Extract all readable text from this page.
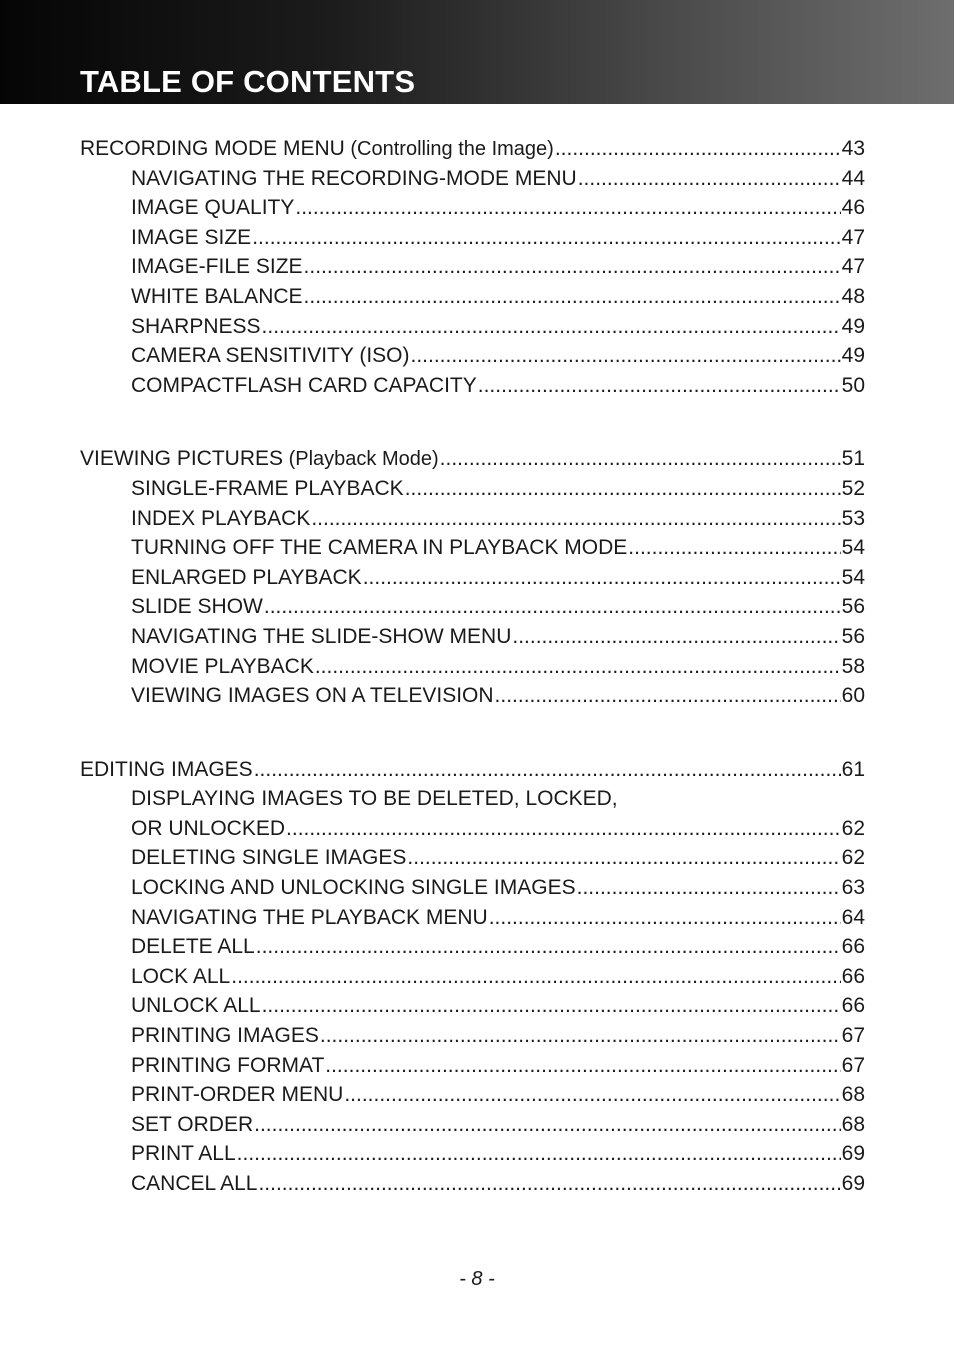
TABLE OF CONTENTS
RECORDING MODE MENU (Controlling the Image) .....	43
NAVIGATING THE RECORDING-MODE MENU .....	44
IMAGE QUALITY .....	46
IMAGE SIZE .....	47
IMAGE-FILE SIZE .....	47
WHITE BALANCE .....	48
SHARPNESS .....	49
CAMERA SENSITIVITY (ISO) .....	49
COMPACTFLASH CARD CAPACITY .....	50
VIEWING PICTURES (Playback Mode) .....	51
SINGLE-FRAME PLAYBACK .....	52
INDEX PLAYBACK .....	53
TURNING OFF THE CAMERA IN PLAYBACK MODE .....	54
ENLARGED PLAYBACK .....	54
SLIDE SHOW .....	56
NAVIGATING THE SLIDE-SHOW MENU .....	56
MOVIE PLAYBACK .....	58
VIEWING IMAGES ON A TELEVISION .....	60
EDITING IMAGES .....	61
DISPLAYING IMAGES TO BE DELETED, LOCKED,
OR UNLOCKED .....	62
DELETING SINGLE IMAGES .....	62
LOCKING AND UNLOCKING SINGLE IMAGES .....	63
NAVIGATING THE PLAYBACK MENU .....	64
DELETE ALL .....	66
LOCK ALL .....	66
UNLOCK ALL .....	66
PRINTING IMAGES .....	67
PRINTING FORMAT .....	67
PRINT-ORDER MENU .....	68
SET ORDER .....	68
PRINT ALL .....	69
CANCEL ALL .....	69
- 8 -
